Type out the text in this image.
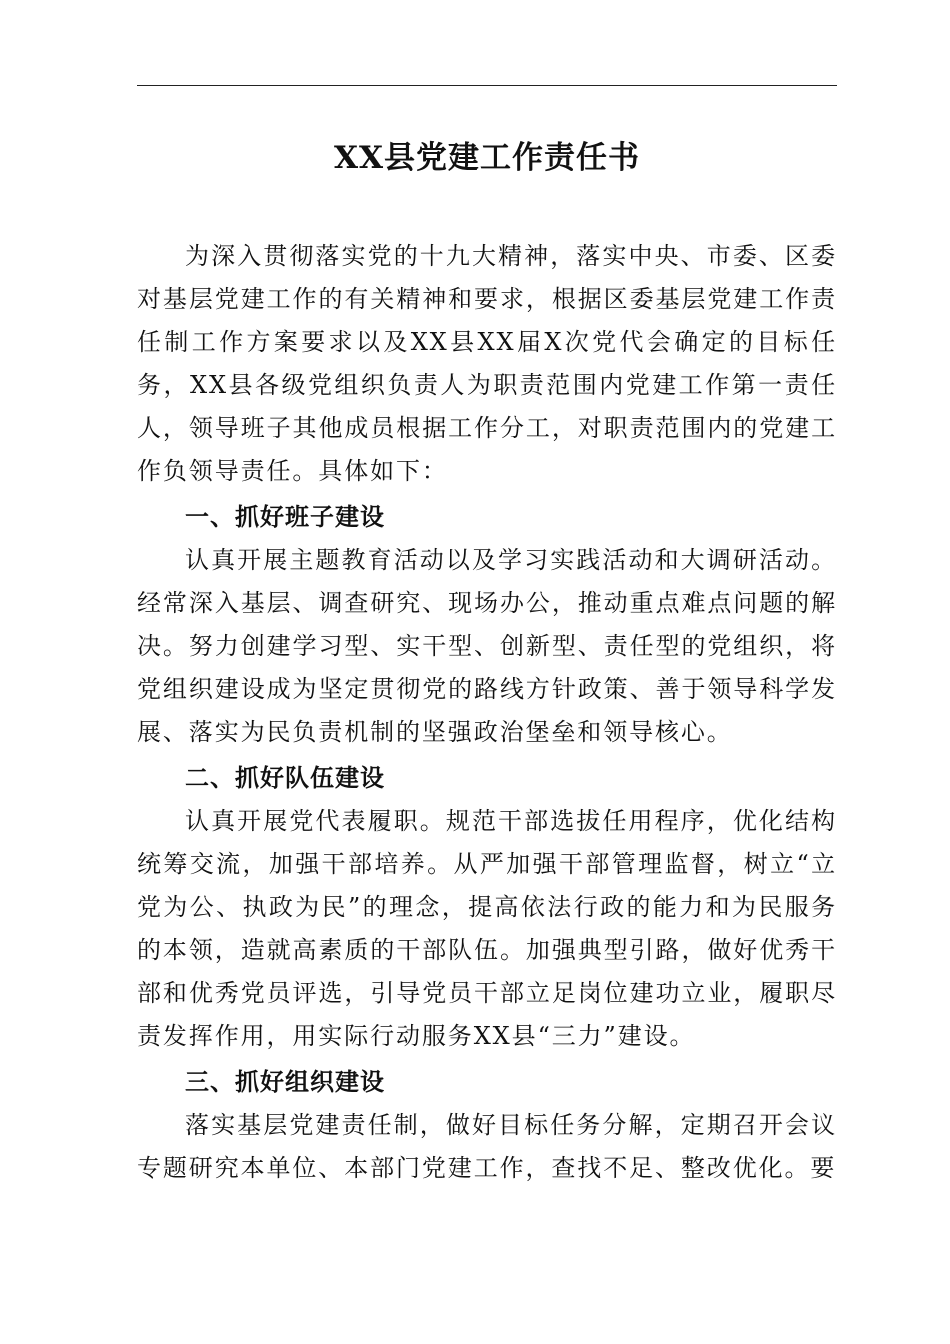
XX县党建工作责任书

为深入贯彻落实党的十九大精神，落实中央、市委、区委对基层党建工作的有关精神和要求，根据区委基层党建工作责任制工作方案要求以及XX县XX届X次党代会确定的目标任务，XX县各级党组织负责人为职责范围内党建工作第一责任人，领导班子其他成员根据工作分工，对职责范围内的党建工作负领导责任。具体如下：

一、抓好班子建设

认真开展主题教育活动以及学习实践活动和大调研活动。经常深入基层、调查研究、现场办公，推动重点难点问题的解决。努力创建学习型、实干型、创新型、责任型的党组织，将党组织建设成为坚定贯彻党的路线方针政策、善于领导科学发展、落实为民负责机制的坚强政治堡垒和领导核心。

二、抓好队伍建设

认真开展党代表履职。规范干部选拔任用程序，优化结构统筹交流，加强干部培养。从严加强干部管理监督，树立“立党为公、执政为民”的理念，提高依法行政的能力和为民服务的本领，造就高素质的干部队伍。加强典型引路，做好优秀干部和优秀党员评选，引导党员干部立足岗位建功立业，履职尽责发挥作用，用实际行动服务XX县“三力”建设。

三、抓好组织建设

落实基层党建责任制，做好目标任务分解，定期召开会议专题研究本单位、本部门党建工作，查找不足、整改优化。要
